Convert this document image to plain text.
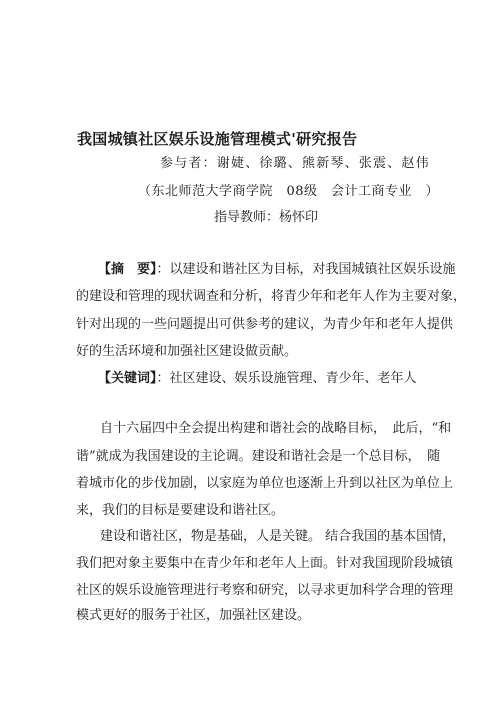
我国城镇社区娱乐设施管理模式'研究报告
参与者：谢婕、徐璐、熊新琴、张震、赵伟
（东北师范大学商学院　08级　会计工商专业　）
指导教师：杨怀印
【摘　要】：以建设和谐社区为目标，对我国城镇社区娱乐设施
的建设和管理的现状调查和分析，将青少年和老年人作为主要对象，
针对出现的一些问题提出可供参考的建议，为青少年和老年人提供
好的生活环境和加强社区建设做贡献。
【关键词】：社区建设、娱乐设施管理、青少年、老年人
自十六届四中全会提出构建和谐社会的战略目标，　此后，“和
谐”就成为我国建设的主论调。建设和谐社会是一个总目标，　随
着城市化的步伐加剧，以家庭为单位也逐渐上升到以社区为单位上
来，我们的目标是要建设和谐社区。
建设和谐社区，物是基础，人是关键。 结合我国的基本国情，
我们把对象主要集中在青少年和老年人上面。针对我国现阶段城镇
社区的娱乐设施管理进行考察和研究，以寻求更加科学合理的管理
模式更好的服务于社区，加强社区建设。
